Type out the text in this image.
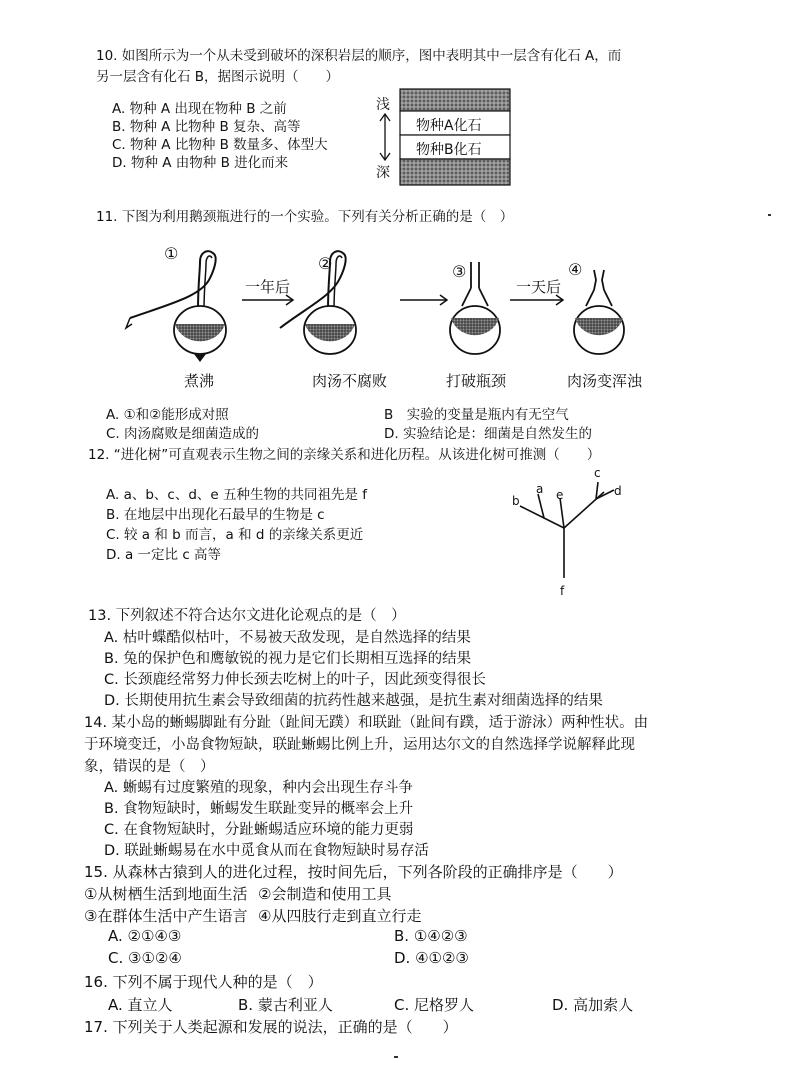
10. 如图所示为一个从未受到破坏的深积岩层的顺序，图中表明其中一层含有化石 A，而
另一层含有化石 B，据图示说明（　　）
A. 物种 A 出现在物种 B 之前
B. 物种 A 比物种 B 复杂、高等
C. 物种 A 比物种 B 数量多、体型大
D. 物种 A 由物种 B 进化而来
浅
深
物种A化石
物种B化石
11. 下图为利用鹅颈瓶进行的一个实验。下列有关分析正确的是（　）
①
②	③	④
一年后	一天后
煮沸	肉汤不腐败	打破瓶颈	肉汤变浑浊
A. ①和②能形成对照	B　实验的变量是瓶内有无空气
C. 肉汤腐败是细菌造成的	D. 实验结论是：细菌是自然发生的
12. “进化树”可直观表示生物之间的亲缘关系和进化历程。从该进化树可推测（　　）
A. a、b、c、d、e 五种生物的共同祖先是 f
B. 在地层中出现化石最早的生物是 c
C. 较 a 和 b 而言，a 和 d 的亲缘关系更近
D. a 一定比 c 高等
a
b
c
d
e
f
13. 下列叙述不符合达尔文进化论观点的是（　）
A. 枯叶蝶酷似枯叶，不易被天敌发现，是自然选择的结果
B. 兔的保护色和鹰敏锐的视力是它们长期相互选择的结果
C. 长颈鹿经常努力伸长颈去吃树上的叶子，因此颈变得很长
D. 长期使用抗生素会导致细菌的抗药性越来越强，是抗生素对细菌选择的结果
14. 某小岛的蜥蜴脚趾有分趾（趾间无蹼）和联趾（趾间有蹼，适于游泳）两种性状。由
于环境变迁，小岛食物短缺，联趾蜥蜴比例上升，运用达尔文的自然选择学说解释此现
象，错误的是（　）
A. 蜥蜴有过度繁殖的现象，种内会出现生存斗争
B. 食物短缺时，蜥蜴发生联趾变异的概率会上升
C. 在食物短缺时，分趾蜥蜴适应环境的能力更弱
D. 联趾蜥蜴易在水中觅食从而在食物短缺时易存活
15. 从森林古猿到人的进化过程，按时间先后，下列各阶段的正确排序是（　　）
①从树栖生活到地面生活 ②会制造和使用工具
③在群体生活中产生语言 ④从四肢行走到直立行走
A. ②①④③	B. ①④②③
C. ③①②④	D. ④①②③
16. 下列不属于现代人种的是（　）
A. 直立人	B. 蒙古利亚人	C. 尼格罗人	D. 高加索人
17. 下列关于人类起源和发展的说法，正确的是（　　）
